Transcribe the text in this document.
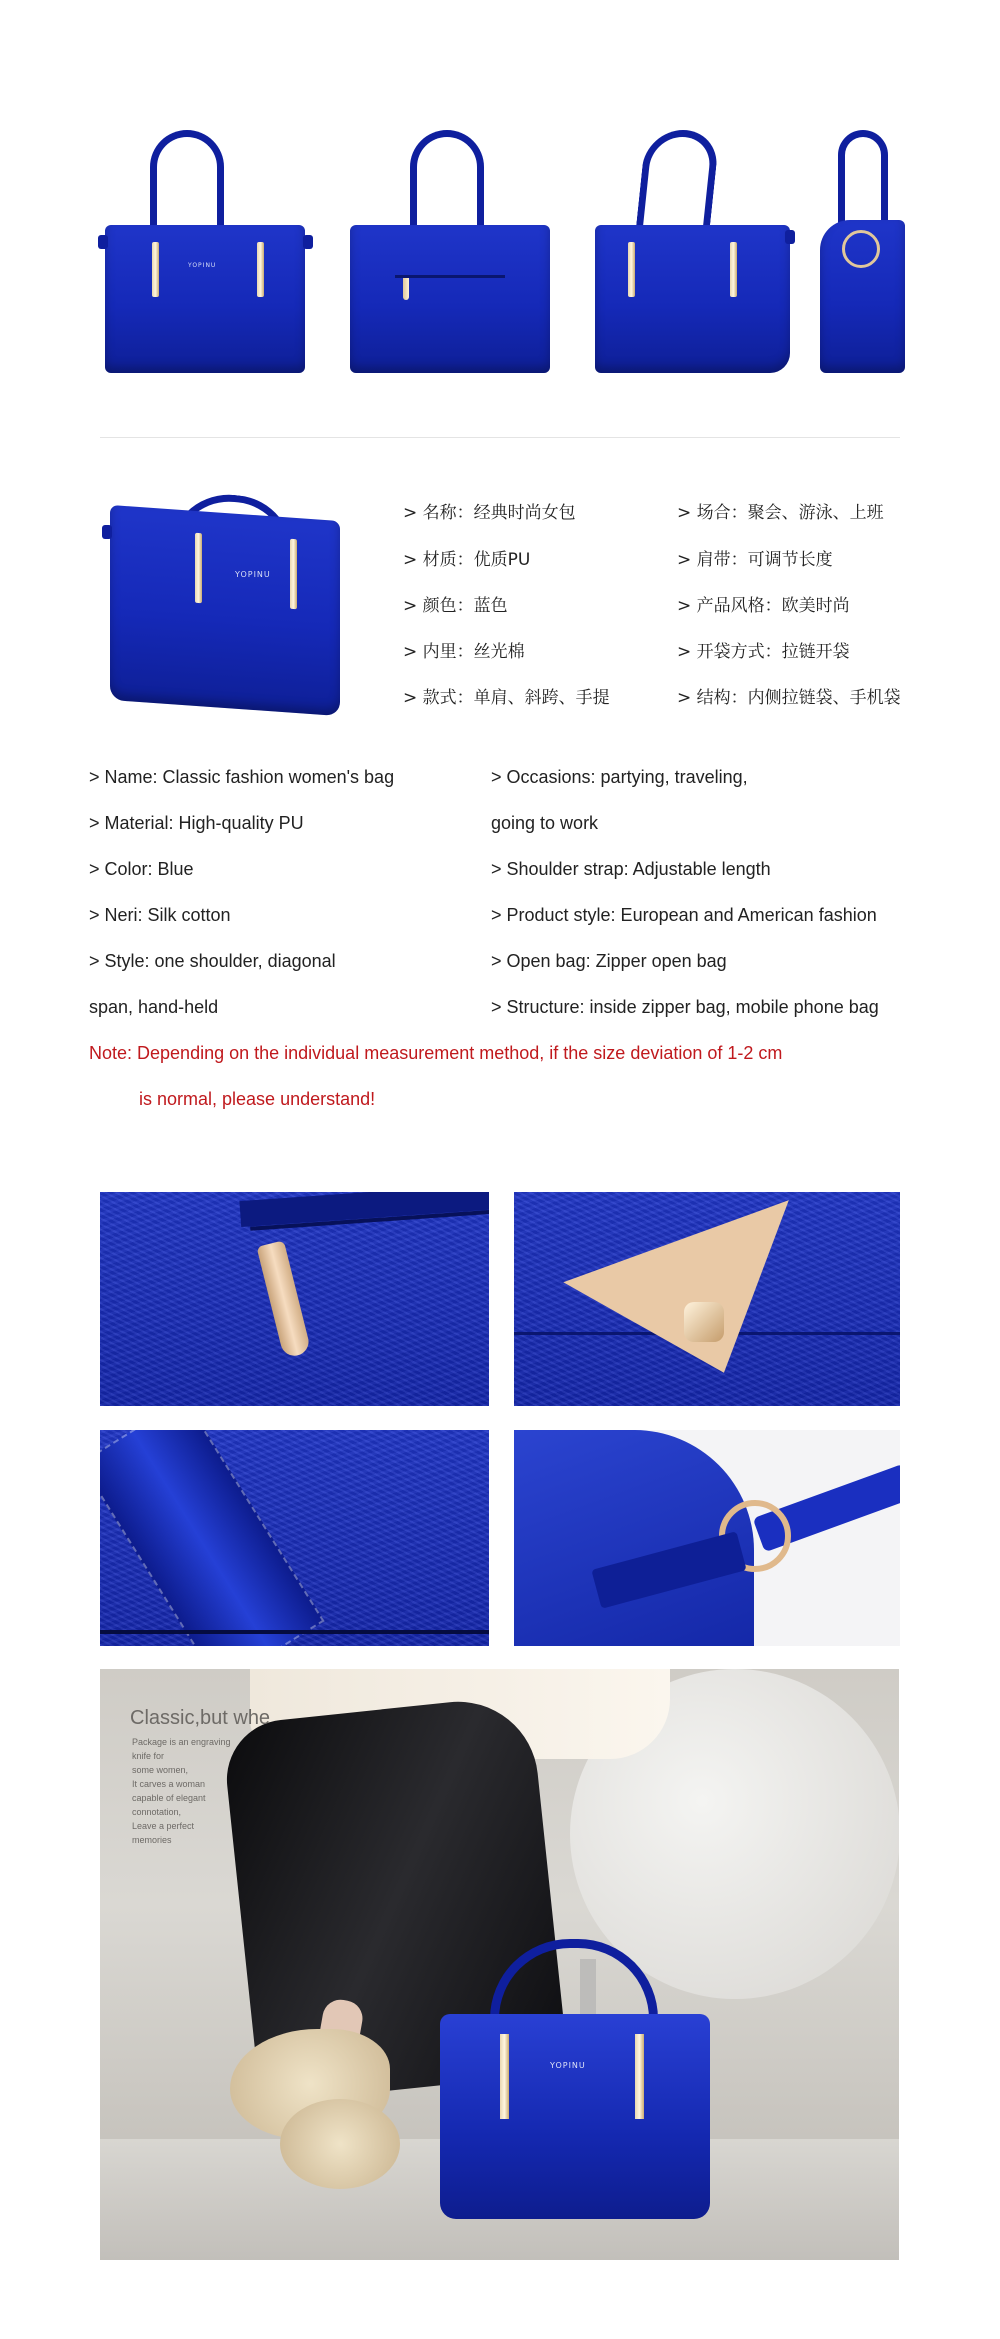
YOPINU
YOPINU
> 名称：经典时尚女包
> 材质：优质PU
> 颜色：蓝色
> 内里：丝光棉
> 款式：单肩、斜跨、手提
> 场合：聚会、游泳、上班
> 肩带：可调节长度
> 产品风格：欧美时尚
> 开袋方式：拉链开袋
> 结构：内侧拉链袋、手机袋
> Name: Classic fashion women's bag
> Material: High-quality PU
> Color: Blue
> Neri: Silk cotton
> Style: one shoulder, diagonal
span, hand-held
> Occasions: partying, traveling,
going to work
> Shoulder strap: Adjustable length
> Product style: European and American fashion
> Open bag: Zipper open bag
> Structure: inside zipper bag, mobile phone bag
Note: Depending on the individual measurement method, if the size deviation of 1-2 cm
is normal, please understand!
YOPINU
Classic,but whe
Package is an engraving
knife for
some women,
It carves a woman
capable of elegant
connotation,
Leave a perfect
memories
